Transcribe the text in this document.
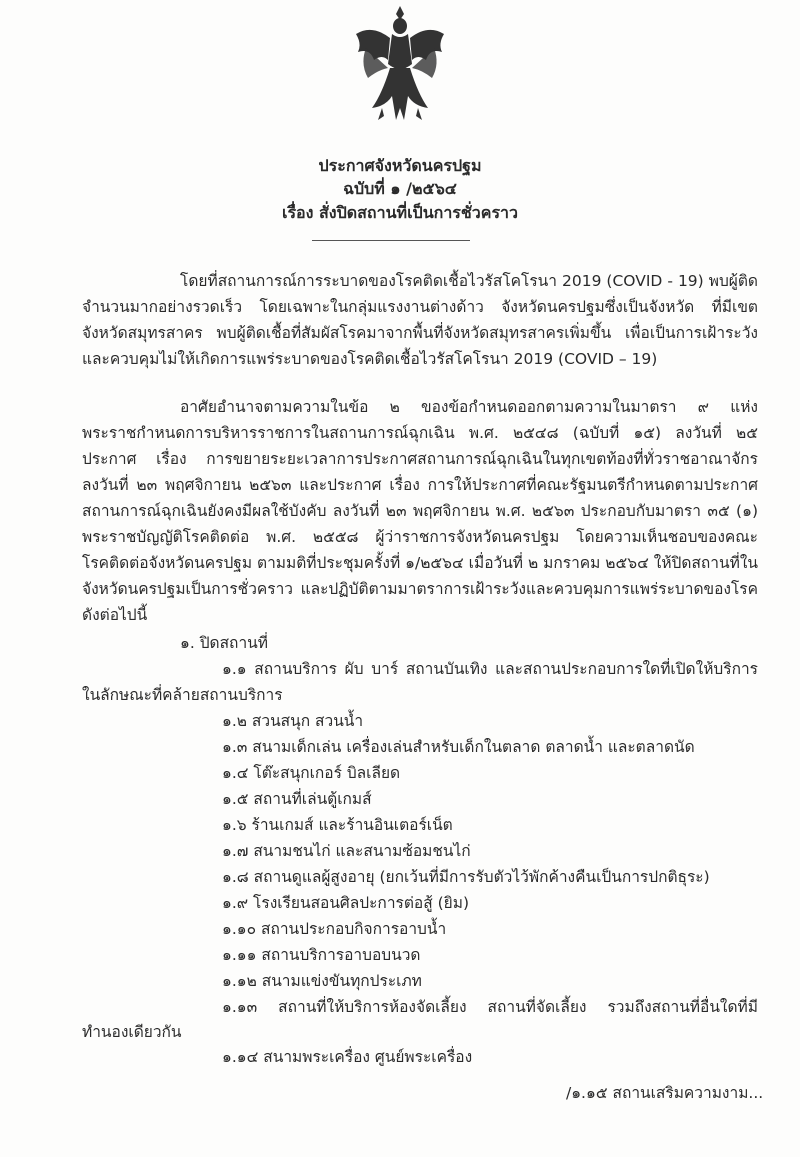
ประกาศจังหวัดนครปฐม
ฉบับที่ ๑ /๒๕๖๔
เรื่อง สั่งปิดสถานที่เป็นการชั่วคราว
โดยที่สถานการณ์การระบาดของโรคติดเชื้อไวรัสโคโรนา 2019 (COVID - 19) พบผู้ติด
จำนวนมากอย่างรวดเร็ว โดยเฉพาะในกลุ่มแรงงานต่างด้าว จังหวัดนครปฐมซึ่งเป็นจังหวัด ที่มีเขต
จังหวัดสมุทรสาคร พบผู้ติดเชื้อที่สัมผัสโรคมาจากพื้นที่จังหวัดสมุทรสาครเพิ่มขึ้น เพื่อเป็นการเฝ้าระวัง
และควบคุมไม่ให้เกิดการแพร่ระบาดของโรคติดเชื้อไวรัสโคโรนา 2019 (COVID – 19)
อาศัยอำนาจตามความในข้อ ๒ ของข้อกำหนดออกตามความในมาตรา ๙ แห่ง
พระราชกำหนดการบริหารราชการในสถานการณ์ฉุกเฉิน พ.ศ. ๒๕๔๘ (ฉบับที่ ๑๕) ลงวันที่ ๒๕
ประกาศ เรื่อง การขยายระยะเวลาการประกาศสถานการณ์ฉุกเฉินในทุกเขตท้องที่ทั่วราชอาณาจักร
ลงวันที่ ๒๓ พฤศจิกายน ๒๕๖๓ และประกาศ เรื่อง การให้ประกาศที่คณะรัฐมนตรีกำหนดตามประกาศ
สถานการณ์ฉุกเฉินยังคงมีผลใช้บังคับ ลงวันที่ ๒๓ พฤศจิกายน พ.ศ. ๒๕๖๓ ประกอบกับมาตรา ๓๕ (๑)
พระราชบัญญัติโรคติดต่อ พ.ศ. ๒๕๕๘ ผู้ว่าราชการจังหวัดนครปฐม โดยความเห็นชอบของคณะ
โรคติดต่อจังหวัดนครปฐม ตามมติที่ประชุมครั้งที่ ๑/๒๕๖๔ เมื่อวันที่ ๒ มกราคม ๒๕๖๔ ให้ปิดสถานที่ใน
จังหวัดนครปฐมเป็นการชั่วคราว และปฏิบัติตามมาตราการเฝ้าระวังและควบคุมการแพร่ระบาดของโรค
ดังต่อไปนี้
๑. ปิดสถานที่
๑.๑ สถานบริการ ผับ บาร์ สถานบันเทิง และสถานประกอบการใดที่เปิดให้บริการ
ในลักษณะที่คล้ายสถานบริการ
๑.๒ สวนสนุก สวนน้ำ
๑.๓ สนามเด็กเล่น เครื่องเล่นสำหรับเด็กในตลาด ตลาดน้ำ และตลาดนัด
๑.๔ โต๊ะสนุกเกอร์ บิลเลียด
๑.๕ สถานที่เล่นตู้เกมส์
๑.๖ ร้านเกมส์ และร้านอินเตอร์เน็ต
๑.๗ สนามชนไก่ และสนามซ้อมชนไก่
๑.๘ สถานดูแลผู้สูงอายุ (ยกเว้นที่มีการรับตัวไว้พักค้างคืนเป็นการปกติธุระ)
๑.๙ โรงเรียนสอนศิลปะการต่อสู้ (ยิม)
๑.๑๐ สถานประกอบกิจการอาบน้ำ
๑.๑๑ สถานบริการอาบอบนวด
๑.๑๒ สนามแข่งขันทุกประเภท
๑.๑๓ สถานที่ให้บริการห้องจัดเลี้ยง สถานที่จัดเลี้ยง รวมถึงสถานที่อื่นใดที่มี
ทำนองเดียวกัน
๑.๑๔ สนามพระเครื่อง ศูนย์พระเครื่อง
/๑.๑๕ สถานเสริมความงาม...
